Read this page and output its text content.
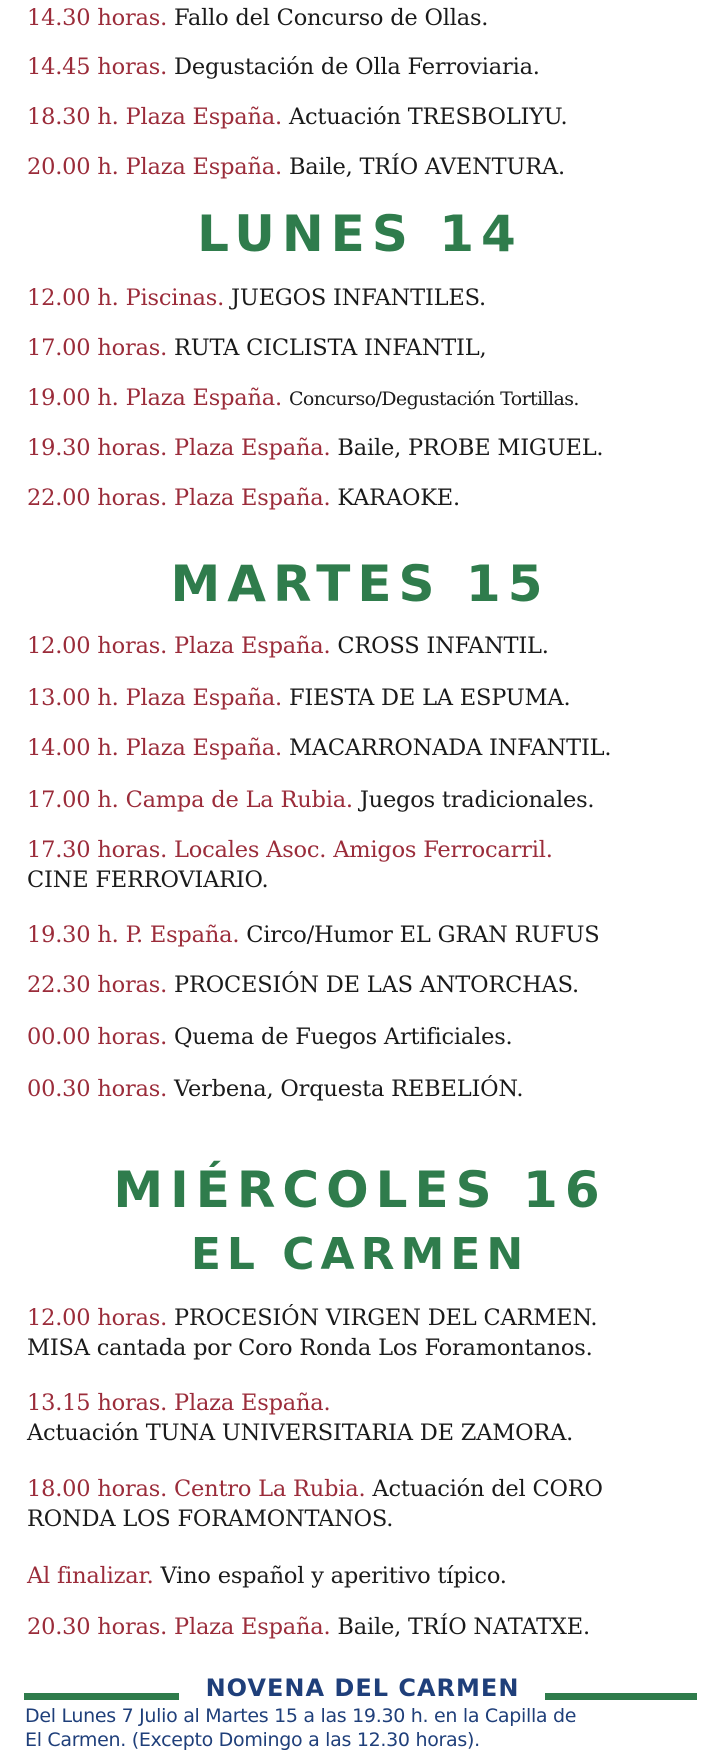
14.30 horas. Fallo del Concurso de Ollas.
14.45 horas. Degustación de Olla Ferroviaria.
18.30 h. Plaza España. Actuación TRESBOLIYU.
20.00 h. Plaza España. Baile, TRÍO AVENTURA.
LUNES 14
12.00 h. Piscinas. JUEGOS INFANTILES.
17.00 horas. RUTA CICLISTA INFANTIL,
19.00 h. Plaza España. Concurso/Degustación Tortillas.
19.30 horas. Plaza España. Baile, PROBE MIGUEL.
22.00 horas. Plaza España. KARAOKE.
MARTES 15
12.00 horas. Plaza España. CROSS INFANTIL.
13.00 h. Plaza España. FIESTA DE LA ESPUMA.
14.00 h. Plaza España. MACARRONADA INFANTIL.
17.00 h. Campa de La Rubia. Juegos tradicionales.
17.30 horas. Locales Asoc. Amigos Ferrocarril.
CINE FERROVIARIO.
19.30 h. P. España. Circo/Humor EL GRAN RUFUS
22.30 horas. PROCESIÓN DE LAS ANTORCHAS.
00.00 horas. Quema de Fuegos Artificiales.
00.30 horas. Verbena, Orquesta REBELIÓN.
MIÉRCOLES 16
EL CARMEN
12.00 horas. PROCESIÓN VIRGEN DEL CARMEN.
MISA cantada por Coro Ronda Los Foramontanos.
13.15 horas. Plaza España.
Actuación TUNA UNIVERSITARIA DE ZAMORA.
18.00 horas. Centro La Rubia. Actuación del CORO
RONDA LOS FORAMONTANOS.
Al finalizar. Vino español y aperitivo típico.
20.30 horas. Plaza España. Baile, TRÍO NATATXE.
NOVENA DEL CARMEN
Del Lunes 7 Julio al Martes 15 a las 19.30 h. en la Capilla de
El Carmen. (Excepto Domingo a las 12.30 horas).
